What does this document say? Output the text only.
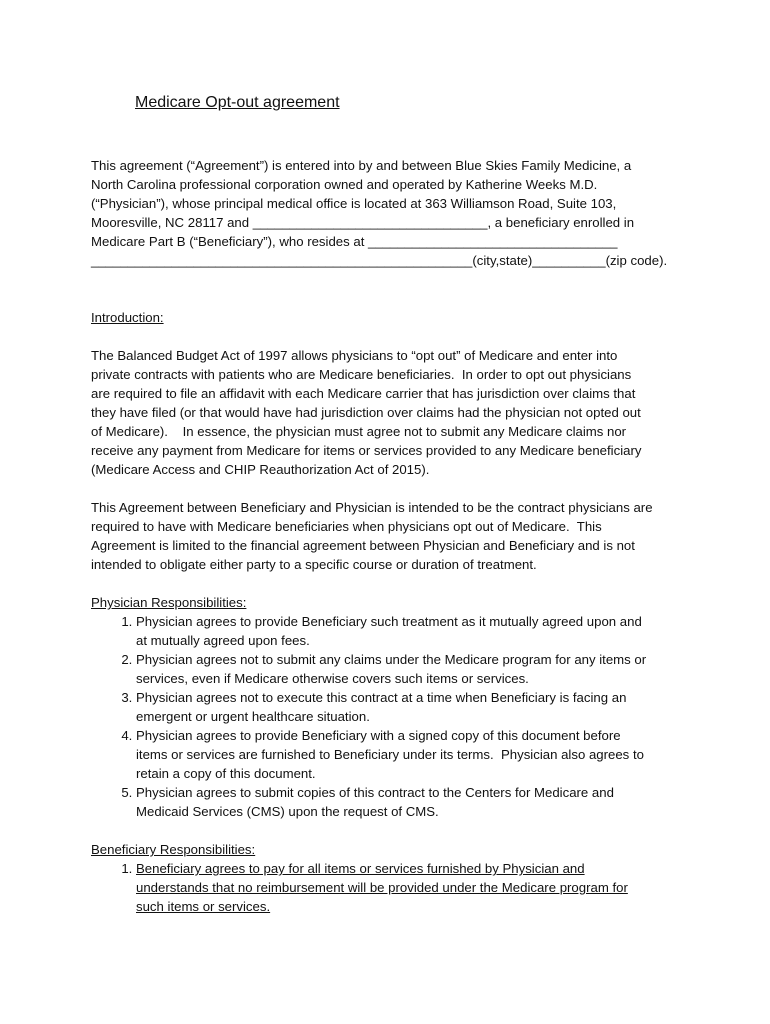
Medicare Opt-out agreement
This agreement (“Agreement”) is entered into by and between Blue Skies Family Medicine, a
North Carolina professional corporation owned and operated by Katherine Weeks M.D.
(“Physician”), whose principal medical office is located at 363 Williamson Road, Suite 103,
Mooresville, NC 28117 and ________________________________, a beneficiary enrolled in
Medicare Part B (“Beneficiary”), who resides at __________________________________
____________________________________________________(city,state)__________(zip code).
Introduction:
The Balanced Budget Act of 1997 allows physicians to “opt out” of Medicare and enter into
private contracts with patients who are Medicare beneficiaries.  In order to opt out physicians
are required to file an affidavit with each Medicare carrier that has jurisdiction over claims that
they have filed (or that would have had jurisdiction over claims had the physician not opted out
of Medicare).    In essence, the physician must agree not to submit any Medicare claims nor
receive any payment from Medicare for items or services provided to any Medicare beneficiary
(Medicare Access and CHIP Reauthorization Act of 2015).
This Agreement between Beneficiary and Physician is intended to be the contract physicians are
required to have with Medicare beneficiaries when physicians opt out of Medicare.  This
Agreement is limited to the financial agreement between Physician and Beneficiary and is not
intended to obligate either party to a specific course or duration of treatment.
Physician Responsibilities:
1. Physician agrees to provide Beneficiary such treatment as it mutually agreed upon and
at mutually agreed upon fees.
2. Physician agrees not to submit any claims under the Medicare program for any items or
services, even if Medicare otherwise covers such items or services.
3. Physician agrees not to execute this contract at a time when Beneficiary is facing an
emergent or urgent healthcare situation.
4. Physician agrees to provide Beneficiary with a signed copy of this document before
items or services are furnished to Beneficiary under its terms.  Physician also agrees to
retain a copy of this document.
5. Physician agrees to submit copies of this contract to the Centers for Medicare and
Medicaid Services (CMS) upon the request of CMS.
Beneficiary Responsibilities:
1. Beneficiary agrees to pay for all items or services furnished by Physician and
understands that no reimbursement will be provided under the Medicare program for
such items or services.
